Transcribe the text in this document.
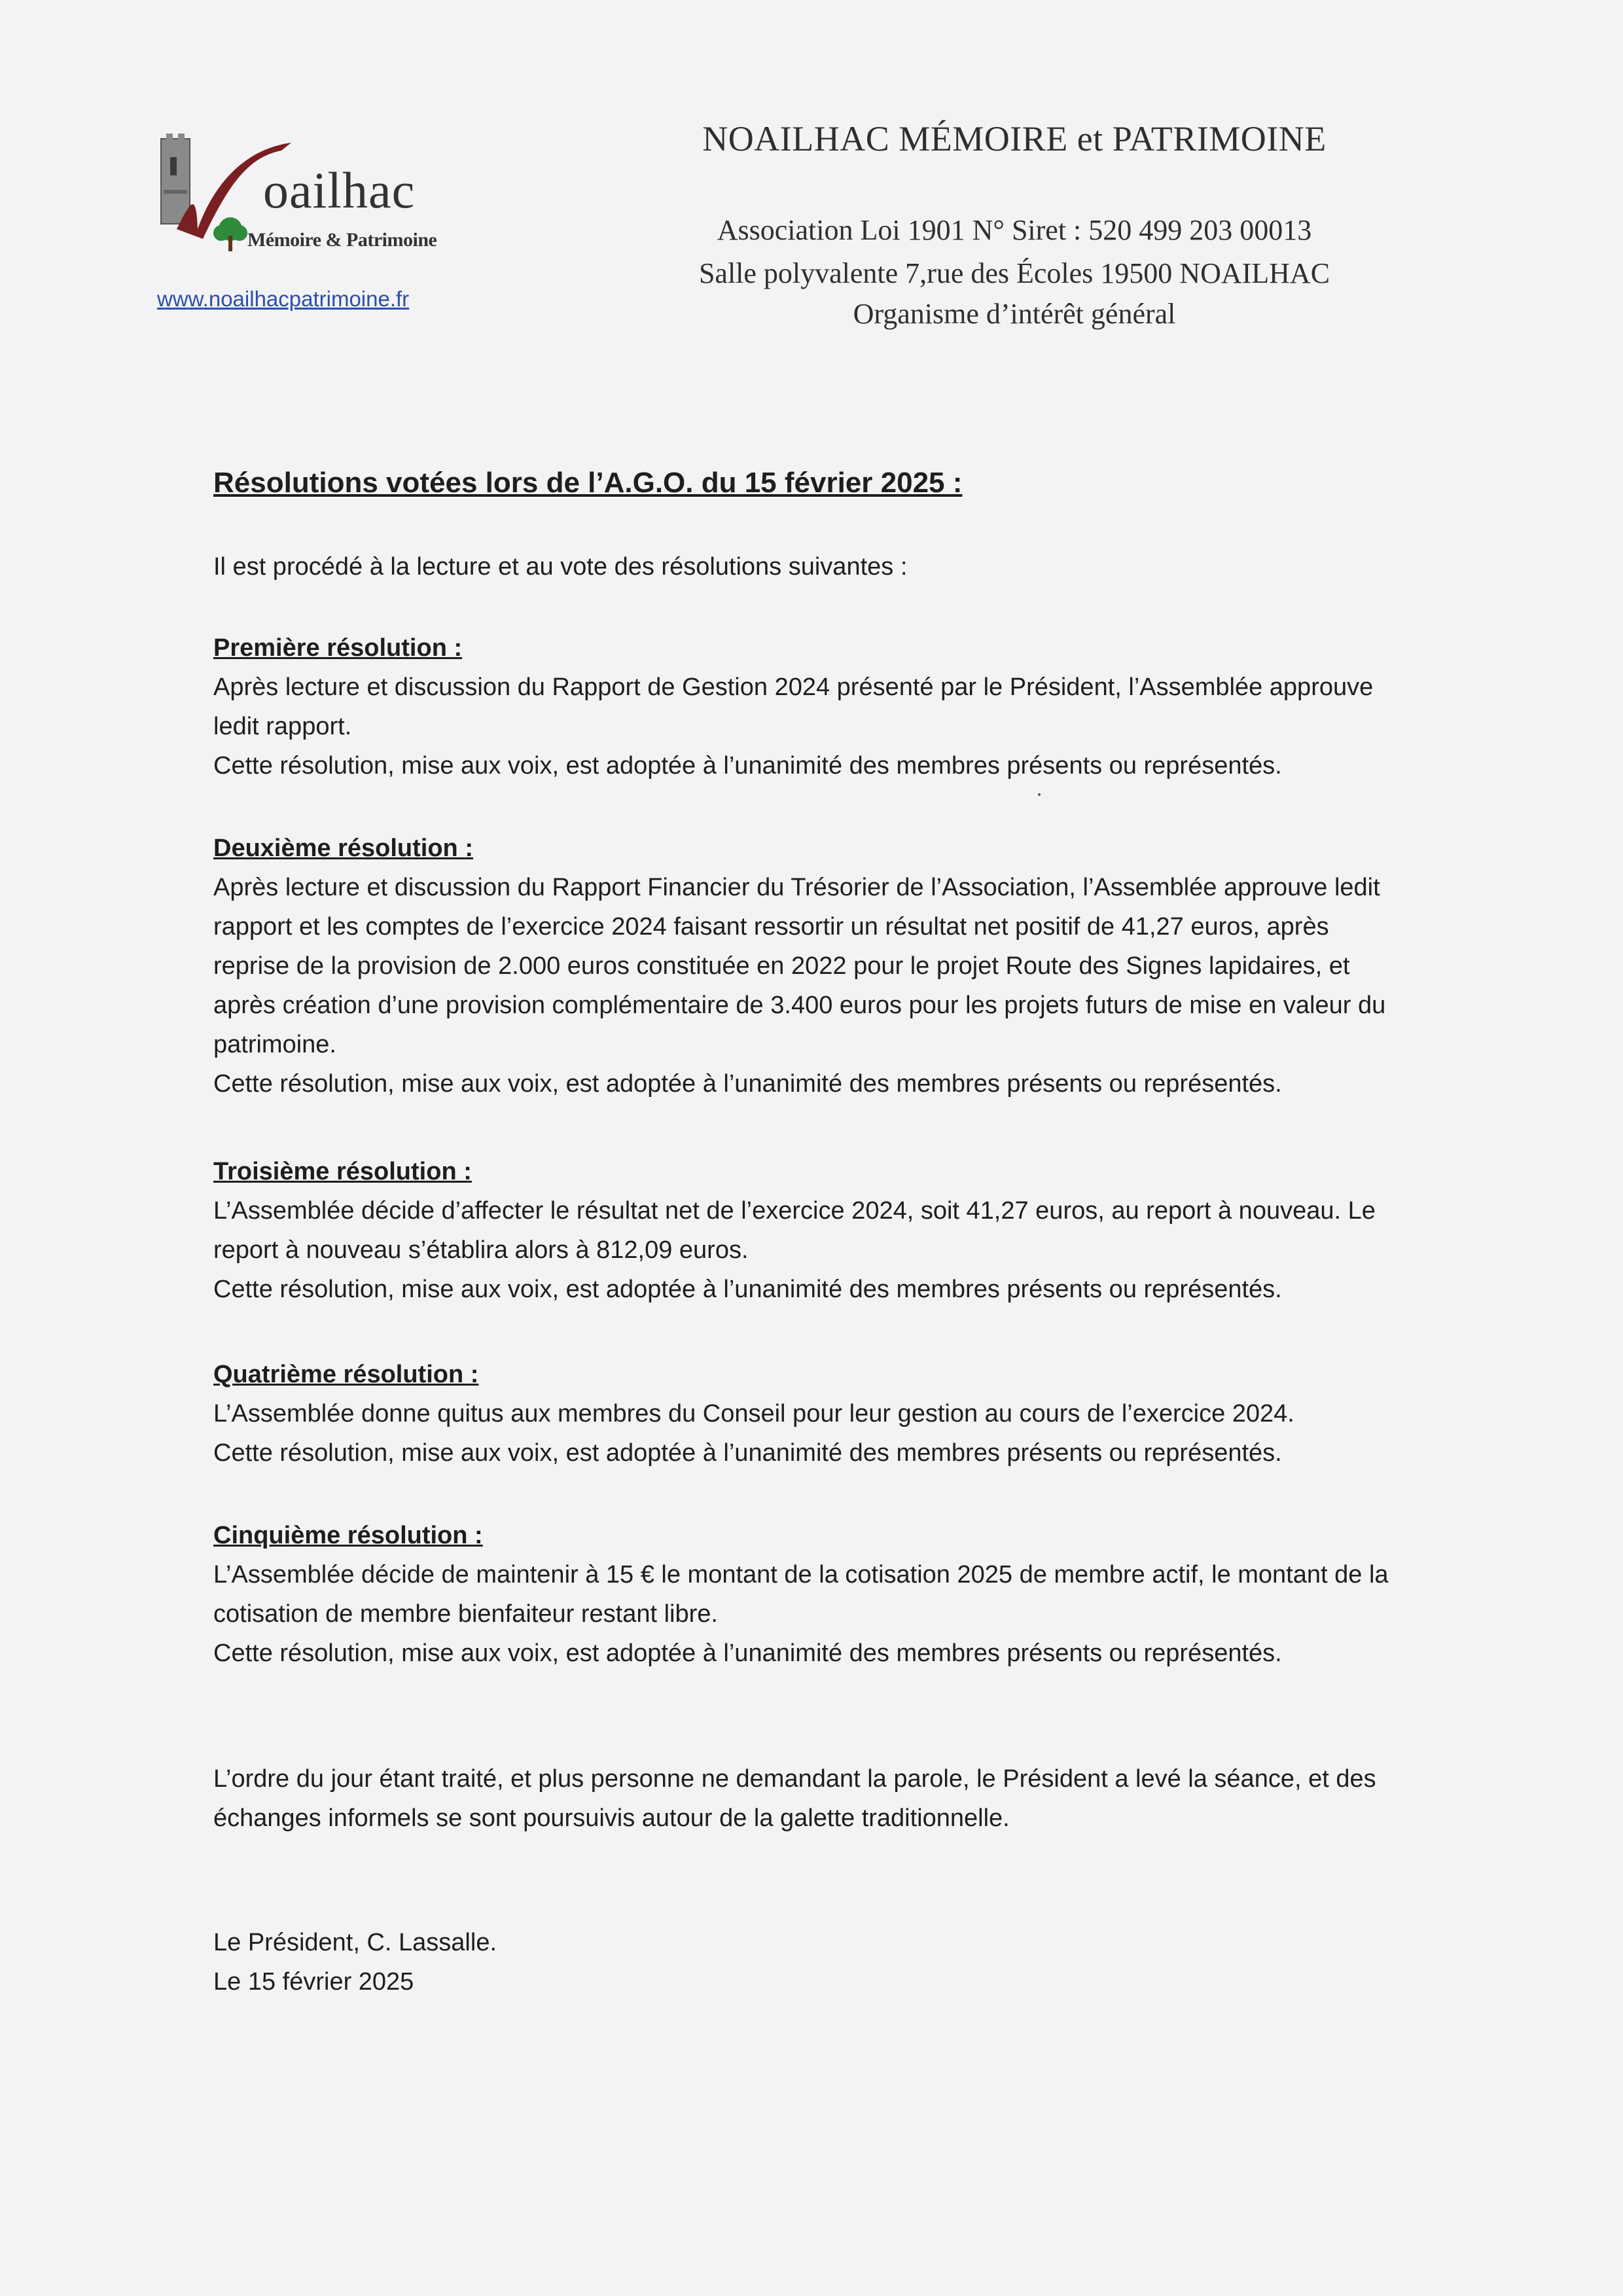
oailhac
Mémoire & Patrimoine
www.noailhacpatrimoine.fr
NOAILHAC MÉMOIRE et PATRIMOINE
Association Loi 1901 N° Siret : 520 499 203 00013
Salle polyvalente 7,rue des Écoles 19500 NOAILHAC
Organisme d’intérêt général
Résolutions votées lors de l’A.G.O. du 15 février 2025 :
Il est procédé à la lecture et au vote des résolutions suivantes :
Première résolution :
Après lecture et discussion du Rapport de Gestion 2024 présenté par le Président, l’Assemblée approuve
ledit rapport.
Cette résolution, mise aux voix, est adoptée à l’unanimité des membres présents ou représentés.
Deuxième résolution :
Après lecture et discussion du Rapport Financier du Trésorier de l’Association, l’Assemblée approuve ledit
rapport et les comptes de l’exercice 2024 faisant ressortir un résultat net positif de 41,27 euros, après
reprise de la provision de 2.000 euros constituée en 2022 pour le projet Route des Signes lapidaires, et
après création d’une provision complémentaire de 3.400 euros pour les projets futurs de mise en valeur du
patrimoine.
Cette résolution, mise aux voix, est adoptée à l’unanimité des membres présents ou représentés.
Troisième résolution :
L’Assemblée décide d’affecter le résultat net de l’exercice 2024, soit 41,27 euros, au report à nouveau. Le
report à nouveau s’établira alors à 812,09 euros.
Cette résolution, mise aux voix, est adoptée à l’unanimité des membres présents ou représentés.
Quatrième résolution :
L’Assemblée donne quitus aux membres du Conseil pour leur gestion au cours de l’exercice 2024.
Cette résolution, mise aux voix, est adoptée à l’unanimité des membres présents ou représentés.
Cinquième résolution :
L’Assemblée décide de maintenir à 15 € le montant de la cotisation 2025 de membre actif, le montant de la
cotisation de membre bienfaiteur restant libre.
Cette résolution, mise aux voix, est adoptée à l’unanimité des membres présents ou représentés.
L’ordre du jour étant traité, et plus personne ne demandant la parole, le Président a levé la séance, et des
échanges informels se sont poursuivis autour de la galette traditionnelle.
Le Président, C. Lassalle.
Le 15 février 2025
